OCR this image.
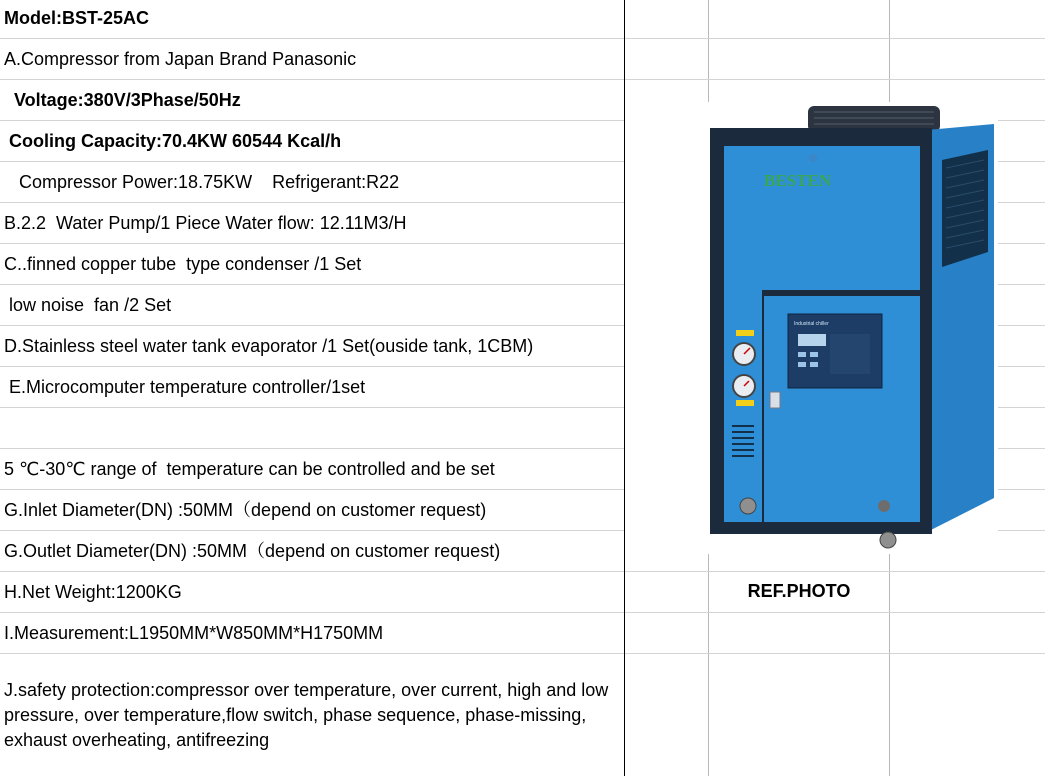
Model:BST-25AC
A.Compressor from Japan Brand Panasonic
Voltage:380V/3Phase/50Hz
Cooling Capacity:70.4KW 60544 Kcal/h
Compressor Power:18.75KW    Refrigerant:R22
B.2.2  Water Pump/1 Piece Water flow: 12.11M3/H
C..finned copper tube  type condenser /1 Set
low noise  fan /2 Set
D.Stainless steel water tank evaporator /1 Set(ouside tank, 1CBM)
E.Microcomputer temperature controller/1set
5 ℃-30℃ range of  temperature can be controlled and be set
G.Inlet Diameter(DN) :50MM（depend on customer request)
G.Outlet Diameter(DN) :50MM（depend on customer request)
H.Net Weight:1200KG
I.Measurement:L1950MM*W850MM*H1750MM
J.safety protection:compressor over temperature, over current, high and low pressure, over temperature,flow switch, phase sequence, phase-missing, exhaust overheating, antifreezing
BESTEN
Industrial chiller
REF.PHOTO
